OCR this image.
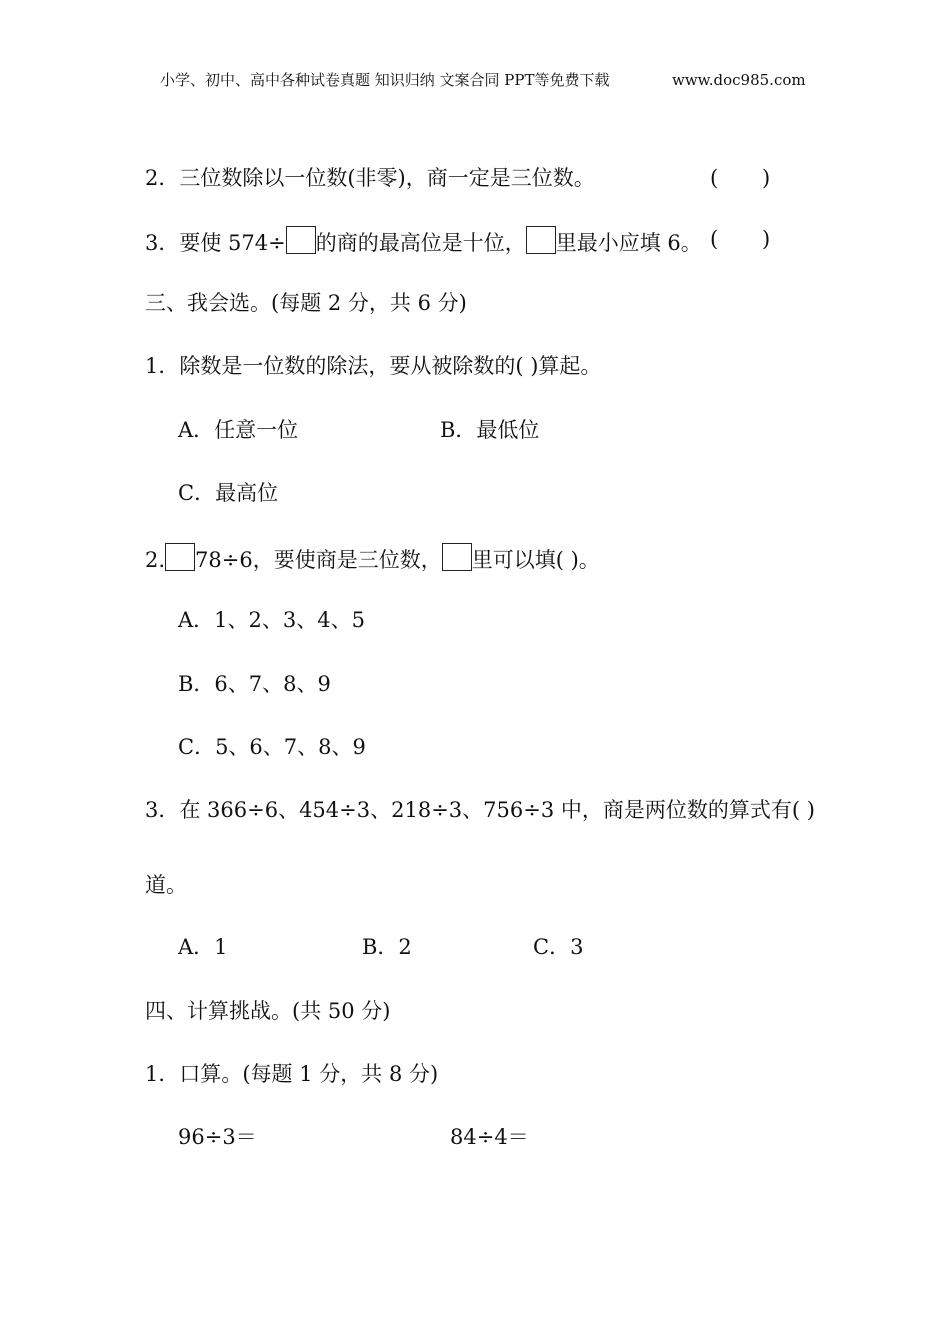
小学、初中、高中各种试卷真题 知识归纳 文案合同 PPT等免费下载	www.doc985.com
2．三位数除以一位数(非零)，商一定是三位数。	( )
3．要使 574÷ 的商的最高位是十位， 里最小应填 6。 ( )
三、我会选。(每题 2 分，共 6 分)
1．除数是一位数的除法，要从被除数的( )算起。
A．任意一位	B．最低位
C．最高位
2. 78÷6，要使商是三位数， 里可以填( )。
A．1、2、3、4、5
B．6、7、8、9
C．5、6、7、8、9
3．在 366÷6、454÷3、218÷3、756÷3 中，商是两位数的算式有( )
道。
A．1	B．2	C．3
四、计算挑战。(共 50 分)
1．口算。(每题 1 分，共 8 分)
96÷3＝	84÷4＝
